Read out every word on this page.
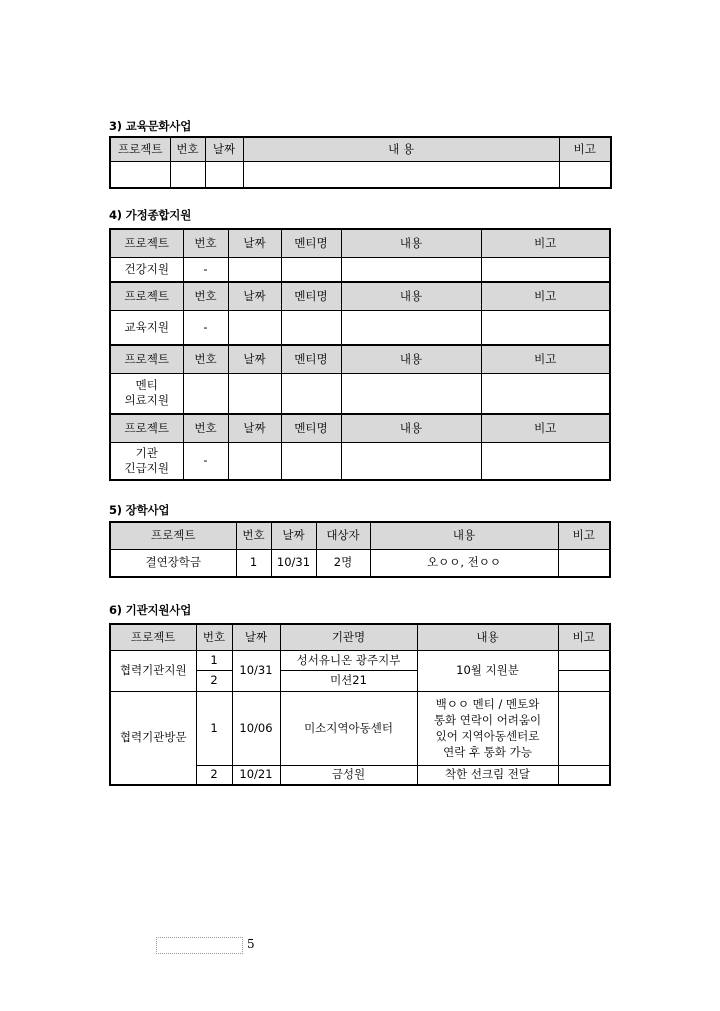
3) 교육문화사업
프로젝트	번호	날짜	내 용	비고

4) 가정종합지원
프로젝트	번호	날짜	멘티명	내용	비고
건강지원	-				
프로젝트	번호	날짜	멘티명	내용	비고
교육지원	-				
프로젝트	번호	날짜	멘티명	내용	비고

멘티
의료지원					

프로젝트	번호	날짜	멘티명	내용	비고

기관
긴급지원	-				
5) 장학사업
프로젝트	번호	날짜	대상자	내용	비고
결연장학금	1	10/31	2명	오ㅇㅇ, 전ㅇㅇ	
6) 기관지원사업
프로젝트	번호	날짜	기관명	내용	비고
협력기관지원	1	10/31	성서유니온 광주지부	10월 지원분	
	2		미션21		
협력기관방문	1	10/06	미소지역아동센터	백ㅇㅇ 멘티 / 멘토와
통화 연락이 어려움이
있어 지역아동센터로
연락 후 통화 가능	

	2	10/21	금성원	착한 선크림 전달	
5
